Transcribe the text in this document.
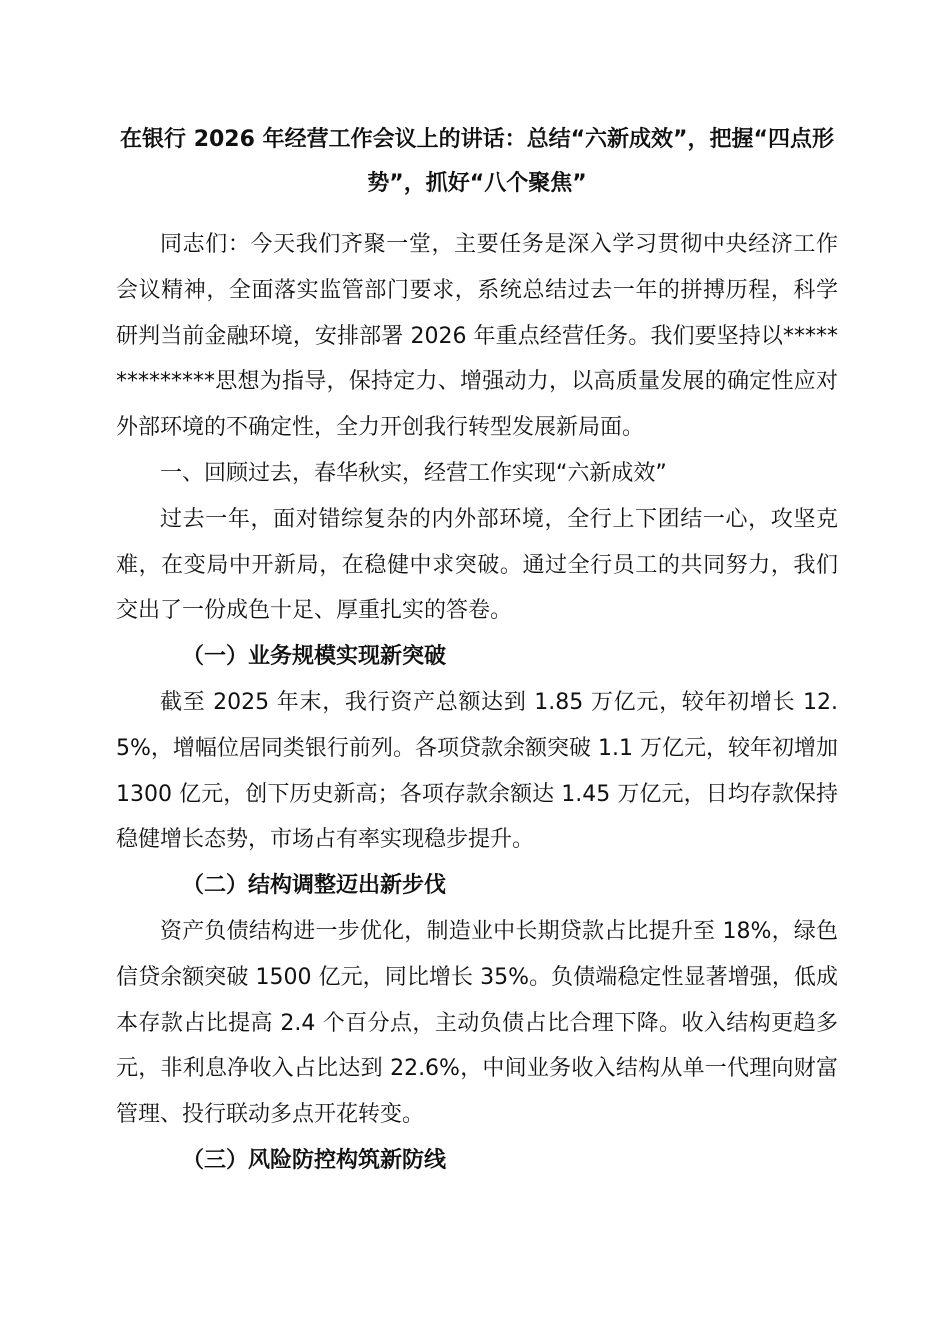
在银行 2026 年经营工作会议上的讲话：总结“六新成效”，把握“四点形势”，抓好“八个聚焦”

同志们：今天我们齐聚一堂，主要任务是深入学习贯彻中央经济工作会议精神，全面落实监管部门要求，系统总结过去一年的拼搏历程，科学研判当前金融环境，安排部署 2026 年重点经营任务。我们要坚持以**************思想为指导，保持定力、增强动力，以高质量发展的确定性应对外部环境的不确定性，全力开创我行转型发展新局面。

一、回顾过去，春华秋实，经营工作实现“六新成效”

过去一年，面对错综复杂的内外部环境，全行上下团结一心，攻坚克难，在变局中开新局，在稳健中求突破。通过全行员工的共同努力，我们交出了一份成色十足、厚重扎实的答卷。

（一）业务规模实现新突破

截至 2025 年末，我行资产总额达到 1.85 万亿元，较年初增长 12.5%，增幅位居同类银行前列。各项贷款余额突破 1.1 万亿元，较年初增加 1300 亿元，创下历史新高；各项存款余额达 1.45 万亿元，日均存款保持稳健增长态势，市场占有率实现稳步提升。

（二）结构调整迈出新步伐

资产负债结构进一步优化，制造业中长期贷款占比提升至 18%，绿色信贷余额突破 1500 亿元，同比增长 35%。负债端稳定性显著增强，低成本存款占比提高 2.4 个百分点，主动负债占比合理下降。收入结构更趋多元，非利息净收入占比达到 22.6%，中间业务收入结构从单一代理向财富管理、投行联动多点开花转变。

（三）风险防控构筑新防线
